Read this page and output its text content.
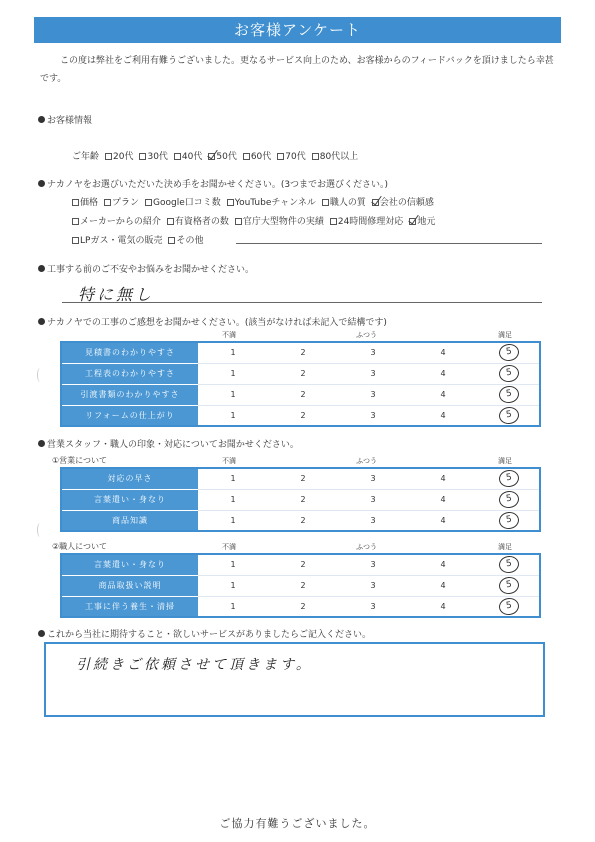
お客様アンケート
この度は弊社をご利用有難うございました。更なるサービス向上のため、お客様からのフィードバックを頂けましたら幸甚です。
お客様情報
ご年齢 20代 30代 40代 50代 60代 70代 80代以上
ナカノヤをお選びいただいた決め手をお聞かせください。(3つまでお選びください。)
価格 プラン Google口コミ数 YouTubeチャンネル 職人の質 会社の信頼感
メーカーからの紹介 有資格者の数 官庁大型物件の実績 24時間修理対応 地元
LPガス・電気の販売 その他
工事する前のご不安やお悩みをお聞かせください。
特に無し
ナカノヤでの工事のご感想をお聞かせください。(該当がなければ未記入で結構です)
不満	ふつう	満足
見積書のわかりやすさ	1	2	3	4	5
工程表のわかりやすさ	1	2	3	4	5
引渡書類のわかりやすさ	1	2	3	4	5
リフォームの仕上がり	1	2	3	4	5
営業スタッフ・職人の印象・対応についてお聞かせください。
①営業について	不満	ふつう	満足
対応の早さ	1	2	3	4	5
言葉遣い・身なり	1	2	3	4	5
商品知識	1	2	3	4	5
②職人について	不満	ふつう	満足
言葉遣い・身なり	1	2	3	4	5
商品取扱い説明	1	2	3	4	5
工事に伴う養生・清掃	1	2	3	4	5
これから当社に期待すること・欲しいサービスがありましたらご記入ください。
引続きご依頼させて頂きます。
ご協力有難うございました。
